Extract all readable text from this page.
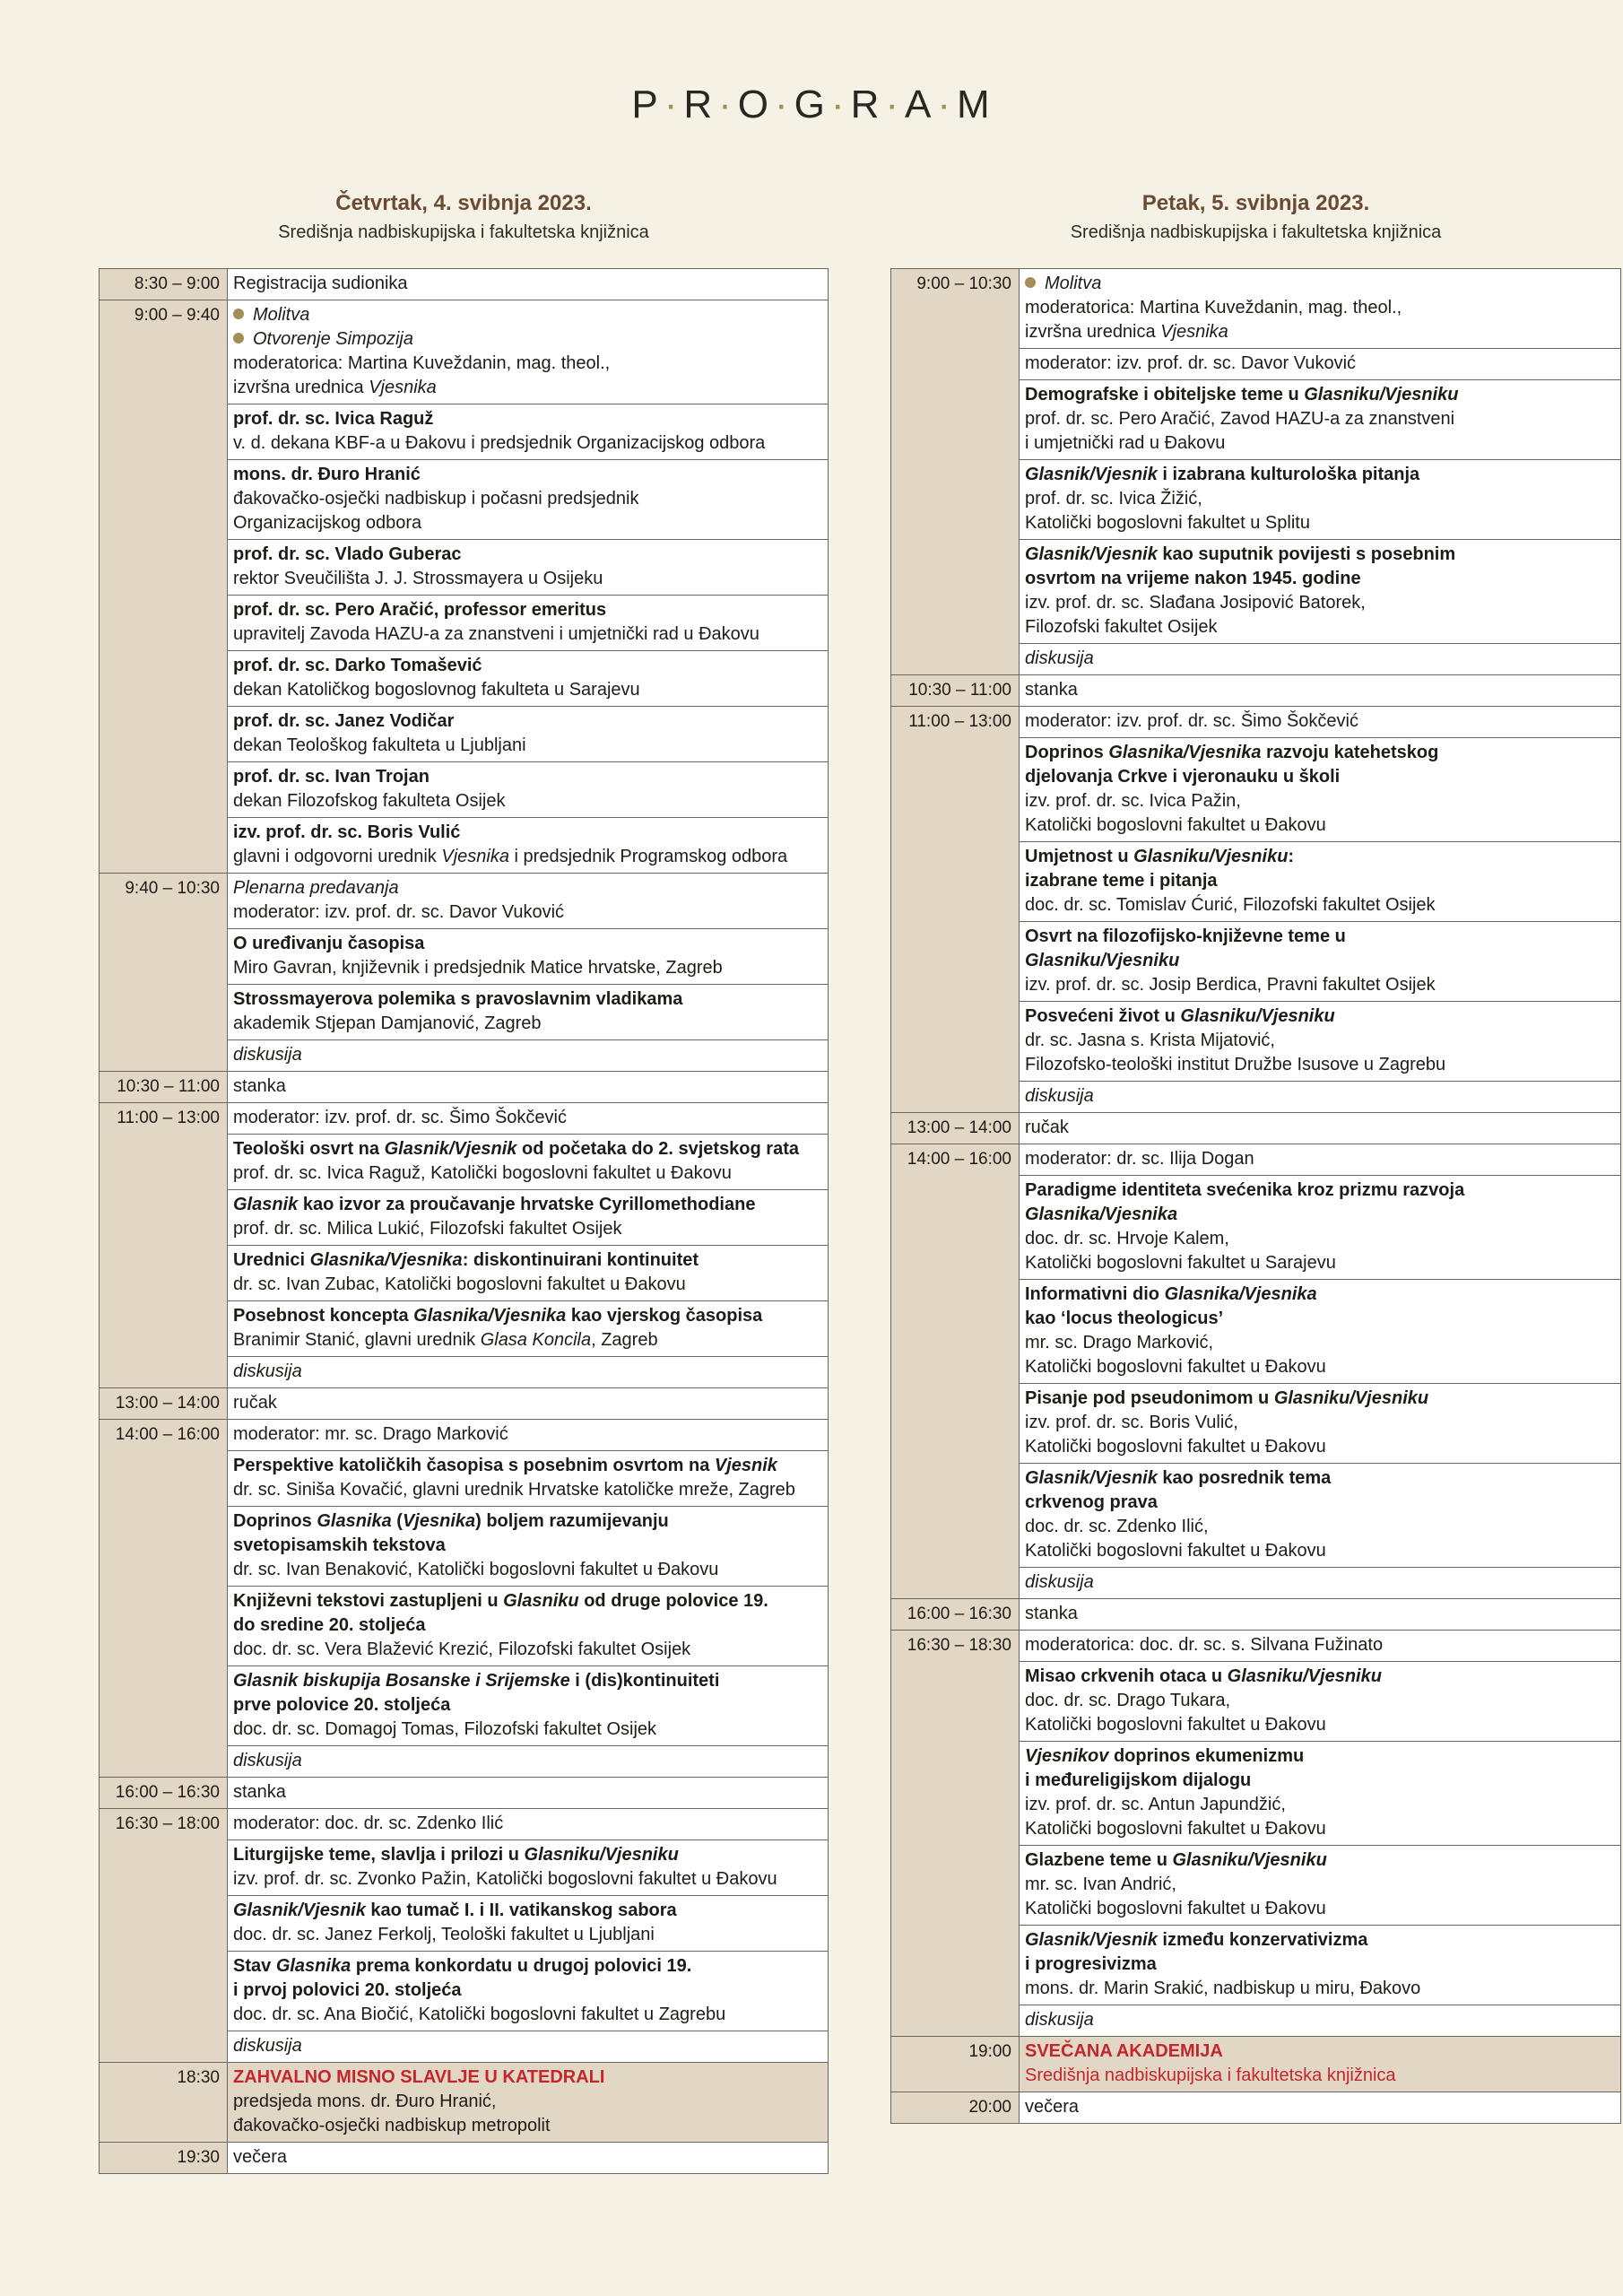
P · R · O · G · R · A · M
Četvrtak, 4. svibnja 2023.
Središnja nadbiskupijska i fakultetska knjižnica
8:30 – 9:00	Registracija sudionika
9:00 – 9:40	Molitva
Otvorenje Simpozija
moderatorica: Martina Kuveždanin, mag. theol.,
izvršna urednica Vjesnika

	prof. dr. sc. Ivica Raguž
v. d. dekana KBF-a u Đakovu i predsjednik Organizacijskog odbora

	mons. dr. Đuro Hranić
đakovačko-osječki nadbiskup i počasni predsjednik
Organizacijskog odbora

	prof. dr. sc. Vlado Guberac
rektor Sveučilišta J. J. Strossmayera u Osijeku

	prof. dr. sc. Pero Aračić, professor emeritus
upravitelj Zavoda HAZU-a za znanstveni i umjetnički rad u Đakovu

	prof. dr. sc. Darko Tomašević
dekan Katoličkog bogoslovnog fakulteta u Sarajevu

	prof. dr. sc. Janez Vodičar
dekan Teološkog fakulteta u Ljubljani

	prof. dr. sc. Ivan Trojan
dekan Filozofskog fakulteta Osijek

	izv. prof. dr. sc. Boris Vulić
glavni i odgovorni urednik Vjesnika i predsjednik Programskog odbora

9:40 – 10:30	Plenarna predavanja
moderator: izv. prof. dr. sc. Davor Vuković

	O uređivanju časopisa
Miro Gavran, književnik i predsjednik Matice hrvatske, Zagreb

	Strossmayerova polemika s pravoslavnim vladikama
akademik Stjepan Damjanović, Zagreb

	diskusija
10:30 – 11:00	stanka
11:00 – 13:00	moderator: izv. prof. dr. sc. Šimo Šokčević

	Teološki osvrt na Glasnik/Vjesnik od početaka do 2. svjetskog rata
prof. dr. sc. Ivica Raguž, Katolički bogoslovni fakultet u Đakovu

	Glasnik kao izvor za proučavanje hrvatske Cyrillomethodiane
prof. dr. sc. Milica Lukić, Filozofski fakultet Osijek

	Urednici Glasnika/Vjesnika: diskontinuirani kontinuitet
dr. sc. Ivan Zubac, Katolički bogoslovni fakultet u Đakovu

	Posebnost koncepta Glasnika/Vjesnika kao vjerskog časopisa
Branimir Stanić, glavni urednik Glasa Koncila, Zagreb

	diskusija
13:00 – 14:00	ručak
14:00 – 16:00	moderator: mr. sc. Drago Marković

	Perspektive katoličkih časopisa s posebnim osvrtom na Vjesnik
dr. sc. Siniša Kovačić, glavni urednik Hrvatske katoličke mreže, Zagreb

	Doprinos Glasnika (Vjesnika) boljem razumijevanju
svetopisamskih tekstova
dr. sc. Ivan Benaković, Katolički bogoslovni fakultet u Đakovu

	Književni tekstovi zastupljeni u Glasniku od druge polovice 19.
do sredine 20. stoljeća
doc. dr. sc. Vera Blažević Krezić, Filozofski fakultet Osijek

	Glasnik biskupija Bosanske i Srijemske i (dis)kontinuiteti
prve polovice 20. stoljeća
doc. dr. sc. Domagoj Tomas, Filozofski fakultet Osijek

	diskusija
16:00 – 16:30	stanka
16:30 – 18:00	moderator: doc. dr. sc. Zdenko Ilić

	Liturgijske teme, slavlja i prilozi u Glasniku/Vjesniku
izv. prof. dr. sc. Zvonko Pažin, Katolički bogoslovni fakultet u Đakovu

	Glasnik/Vjesnik kao tumač I. i II. vatikanskog sabora
doc. dr. sc. Janez Ferkolj, Teološki fakultet u Ljubljani

	Stav Glasnika prema konkordatu u drugoj polovici 19.
i prvoj polovici 20. stoljeća
doc. dr. sc. Ana Biočić, Katolički bogoslovni fakultet u Zagrebu

	diskusija
18:30	ZAHVALNO MISNO SLAVLJE U KATEDRALI
predsjeda mons. dr. Đuro Hranić,
đakovačko-osječki nadbiskup metropolit

19:30	večera
Petak, 5. svibnja 2023.
Središnja nadbiskupijska i fakultetska knjižnica
9:00 – 10:30	Molitva
moderatorica: Martina Kuveždanin, mag. theol.,
izvršna urednica Vjesnika

	moderator: izv. prof. dr. sc. Davor Vuković

	Demografske i obiteljske teme u Glasniku/Vjesniku
prof. dr. sc. Pero Aračić, Zavod HAZU-a za znanstveni
i umjetnički rad u Đakovu

	Glasnik/Vjesnik i izabrana kulturološka pitanja
prof. dr. sc. Ivica Žižić,
Katolički bogoslovni fakultet u Splitu

	Glasnik/Vjesnik kao suputnik povijesti s posebnim
osvrtom na vrijeme nakon 1945. godine
izv. prof. dr. sc. Slađana Josipović Batorek,
Filozofski fakultet Osijek

	diskusija
10:30 – 11:00	stanka
11:00 – 13:00	moderator: izv. prof. dr. sc. Šimo Šokčević

	Doprinos Glasnika/Vjesnika razvoju katehetskog
djelovanja Crkve i vjeronauku u školi
izv. prof. dr. sc. Ivica Pažin,
Katolički bogoslovni fakultet u Đakovu

	Umjetnost u Glasniku/Vjesniku:
izabrane teme i pitanja
doc. dr. sc. Tomislav Ćurić, Filozofski fakultet Osijek

	Osvrt na filozofijsko-književne teme u
Glasniku/Vjesniku
izv. prof. dr. sc. Josip Berdica, Pravni fakultet Osijek

	Posvećeni život u Glasniku/Vjesniku
dr. sc. Jasna s. Krista Mijatović,
Filozofsko-teološki institut Družbe Isusove u Zagrebu

	diskusija
13:00 – 14:00	ručak
14:00 – 16:00	moderator: dr. sc. Ilija Dogan

	Paradigme identiteta svećenika kroz prizmu razvoja
Glasnika/Vjesnika
doc. dr. sc. Hrvoje Kalem,
Katolički bogoslovni fakultet u Sarajevu

	Informativni dio Glasnika/Vjesnika
kao ‘locus theologicus’
mr. sc. Drago Marković,
Katolički bogoslovni fakultet u Đakovu

	Pisanje pod pseudonimom u Glasniku/Vjesniku
izv. prof. dr. sc. Boris Vulić,
Katolički bogoslovni fakultet u Đakovu

	Glasnik/Vjesnik kao posrednik tema
crkvenog prava
doc. dr. sc. Zdenko Ilić,
Katolički bogoslovni fakultet u Đakovu

	diskusija
16:00 – 16:30	stanka
16:30 – 18:30	moderatorica: doc. dr. sc. s. Silvana Fužinato

	Misao crkvenih otaca u Glasniku/Vjesniku
doc. dr. sc. Drago Tukara,
Katolički bogoslovni fakultet u Đakovu

	Vjesnikov doprinos ekumenizmu
i međureligijskom dijalogu
izv. prof. dr. sc. Antun Japundžić,
Katolički bogoslovni fakultet u Đakovu

	Glazbene teme u Glasniku/Vjesniku
mr. sc. Ivan Andrić,
Katolički bogoslovni fakultet u Đakovu

	Glasnik/Vjesnik između konzervativizma
i progresivizma
mons. dr. Marin Srakić, nadbiskup u miru, Đakovo

	diskusija
19:00	SVEČANA AKADEMIJA
Središnja nadbiskupijska i fakultetska knjižnica

20:00	večera
